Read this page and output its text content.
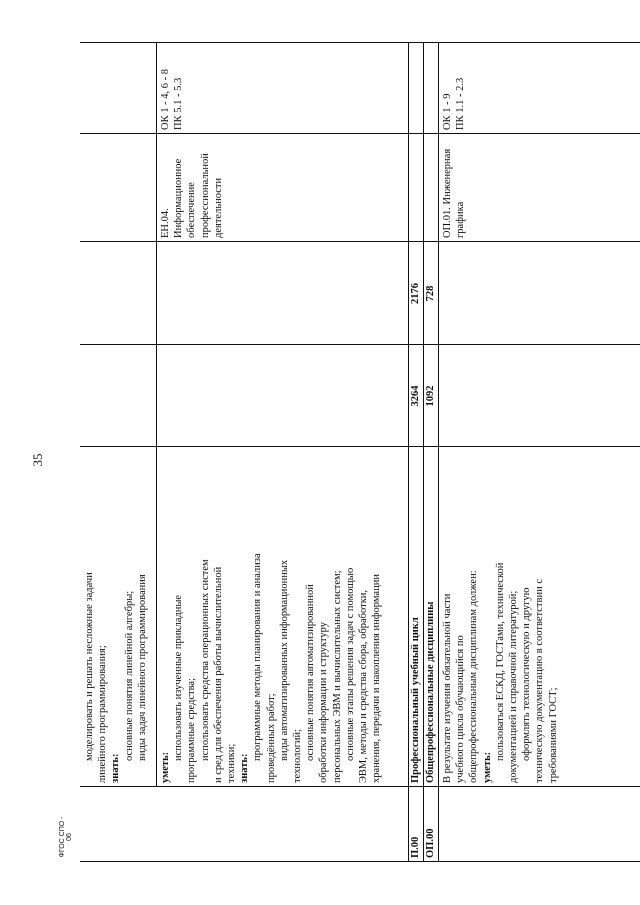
35
ФГОС СПО - 06
моделировать и решать несложные задачи линейного программирования; знать:
основные понятия линейной алгебры; виды задач линейного программирования
уметь:
использовать изученные прикладные программные средства; использовать средства операционных систем и сред для обеспечения работы вычислительной техники; знать:
программные методы планирования и анализа проведённых работ; виды автоматизированных информационных технологий; основные понятия автоматизированной обработки информации и структуру персональных ЭВМ и вычислительных систем; основные этапы решения задач с помощью ЭВМ, методы и средства сбора, обработки, хранения, передачи и накопления информации
ЕН.04. Информационное обеспечение профессиональной деятельности
ОК 1 - 4, 6 - 8 ПК 5.1 - 5.3
П.00
Профессиональный учебный цикл
3264
2176
ОП.00
Общепрофессиональные дисциплины
1092
728
В результате изучения обязательной части учебного цикла обучающийся по общепрофессиональным дисциплинам должен: уметь:
пользоваться ЕСКД, ГОСТами, технической документацией и справочной литературой; оформлять технологическую и другую техническую документацию в соответствии с требованиями ГОСТ;
ОП.01. Инженерная графика
ОК 1 - 9 ПК 1.1 - 2.3
